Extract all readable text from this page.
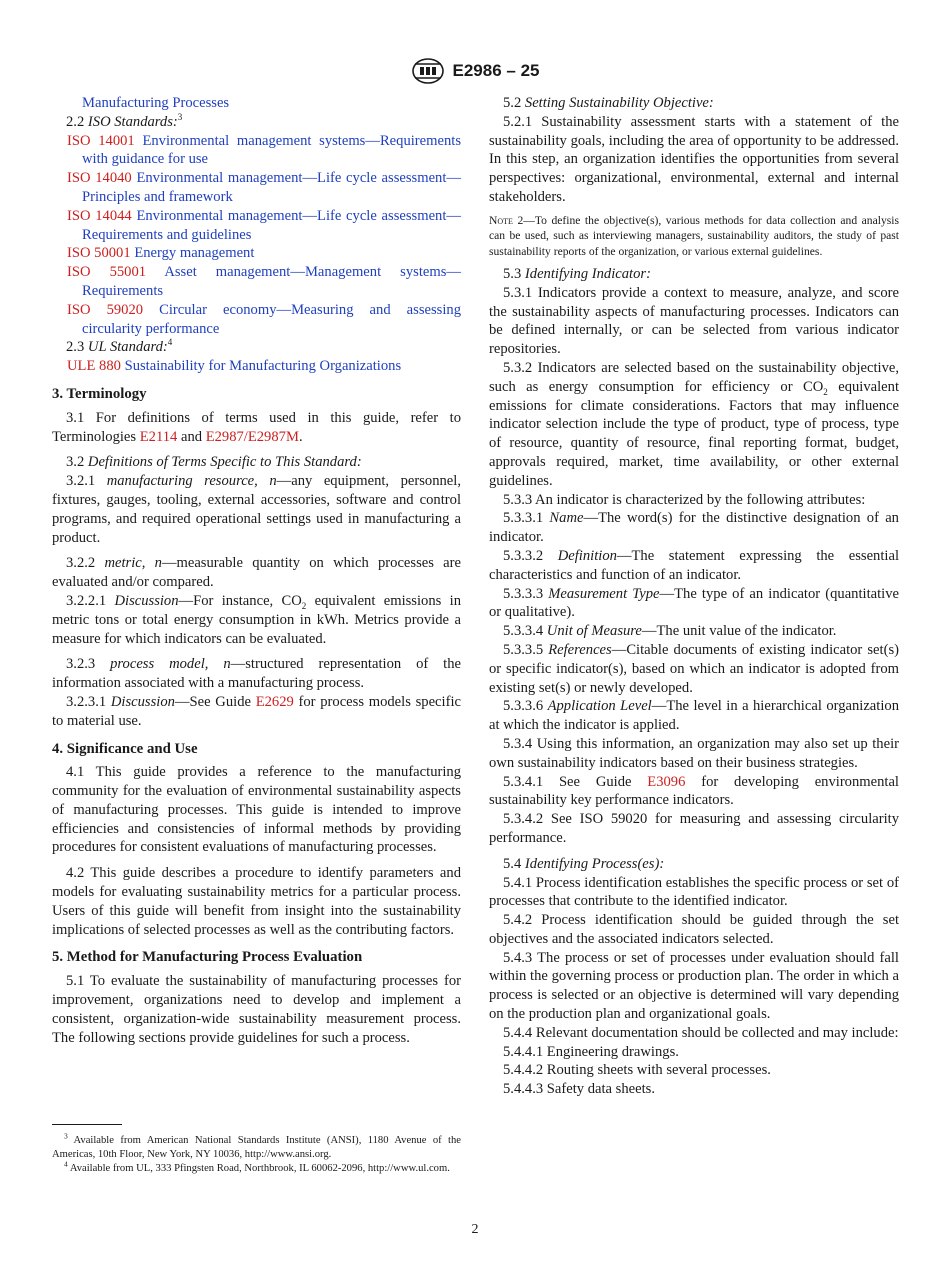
E2986 – 25

Manufacturing Processes

2.2 ISO Standards:$^3$

ISO 14001 Environmental management systems—Requirements with guidance for use

ISO 14040 Environmental management—Life cycle assessment—Principles and framework

ISO 14044 Environmental management—Life cycle assessment—Requirements and guidelines

ISO 50001 Energy management

ISO 55001 Asset management—Management systems—Requirements

ISO 59020 Circular economy—Measuring and assessing circularity performance

2.3 UL Standard:$^4$

ULE 880 Sustainability for Manufacturing Organizations

3. Terminology

3.1 For definitions of terms used in this guide, refer to Terminologies E2114 and E2987/E2987M.

3.2 Definitions of Terms Specific to This Standard:

3.2.1 manufacturing resource, n—any equipment, personnel, fixtures, gauges, tooling, external accessories, software and control programs, and required operational settings used in manufacturing a product.

3.2.2 metric, n—measurable quantity on which processes are evaluated and/or compared.

3.2.2.1 Discussion—For instance, $CO_2$ equivalent emissions in metric tons or total energy consumption in kWh. Metrics provide a measure for which indicators can be evaluated.

3.2.3 process model, n—structured representation of the information associated with a manufacturing process.

3.2.3.1 Discussion—See Guide E2629 for process models specific to material use.

4. Significance and Use

4.1 This guide provides a reference to the manufacturing community for the evaluation of environmental sustainability aspects of manufacturing processes. This guide is intended to improve efficiencies and consistencies of informal methods by providing procedures for consistent evaluations of manufacturing processes.

4.2 This guide describes a procedure to identify parameters and models for evaluating sustainability metrics for a particular process. Users of this guide will benefit from insight into the sustainability implications of selected processes as well as the contributing factors.

5. Method for Manufacturing Process Evaluation

5.1 To evaluate the sustainability of manufacturing processes for improvement, organizations need to develop and implement a consistent, organization-wide sustainability measurement process. The following sections provide guidelines for such a process.

$^3$ Available from American National Standards Institute (ANSI), 1180 Avenue of the Americas, 10th Floor, New York, NY 10036, http://www.ansi.org.

$^4$ Available from UL, 333 Pfingsten Road, Northbrook, IL 60062-2096, http://www.ul.com.

5.2 Setting Sustainability Objective:

5.2.1 Sustainability assessment starts with a statement of the sustainability goals, including the area of opportunity to be addressed. In this step, an organization identifies the opportunities from several perspectives: organizational, environmental, external and internal stakeholders.

Note 2—To define the objective(s), various methods for data collection and analysis can be used, such as interviewing managers, sustainability auditors, the study of past sustainability reports of the organization, or various external guidelines.

5.3 Identifying Indicator:

5.3.1 Indicators provide a context to measure, analyze, and score the sustainability aspects of manufacturing processes. Indicators can be defined internally, or can be selected from various indicator repositories.

5.3.2 Indicators are selected based on the sustainability objective, such as energy consumption for efficiency or $CO_2$ equivalent emissions for climate considerations. Factors that may influence indicator selection include the type of product, type of process, type of resource, quantity of resource, final reporting format, budget, approvals required, market, time availability, or other external guidelines.

5.3.3 An indicator is characterized by the following attributes:

5.3.3.1 Name—The word(s) for the distinctive designation of an indicator.

5.3.3.2 Definition—The statement expressing the essential characteristics and function of an indicator.

5.3.3.3 Measurement Type—The type of an indicator (quantitative or qualitative).

5.3.3.4 Unit of Measure—The unit value of the indicator.

5.3.3.5 References—Citable documents of existing indicator set(s) or specific indicator(s), based on which an indicator is adopted from existing set(s) or newly developed.

5.3.3.6 Application Level—The level in a hierarchical organization at which the indicator is applied.

5.3.4 Using this information, an organization may also set up their own sustainability indicators based on their business strategies.

5.3.4.1 See Guide E3096 for developing environmental sustainability key performance indicators.

5.3.4.2 See ISO 59020 for measuring and assessing circularity performance.

5.4 Identifying Process(es):

5.4.1 Process identification establishes the specific process or set of processes that contribute to the identified indicator.

5.4.2 Process identification should be guided through the set objectives and the associated indicators selected.

5.4.3 The process or set of processes under evaluation should fall within the governing process or production plan. The order in which a process is selected or an objective is determined will vary depending on the production plan and organizational goals.

5.4.4 Relevant documentation should be collected and may include:

5.4.4.1 Engineering drawings.

5.4.4.2 Routing sheets with several processes.

5.4.4.3 Safety data sheets.

2
